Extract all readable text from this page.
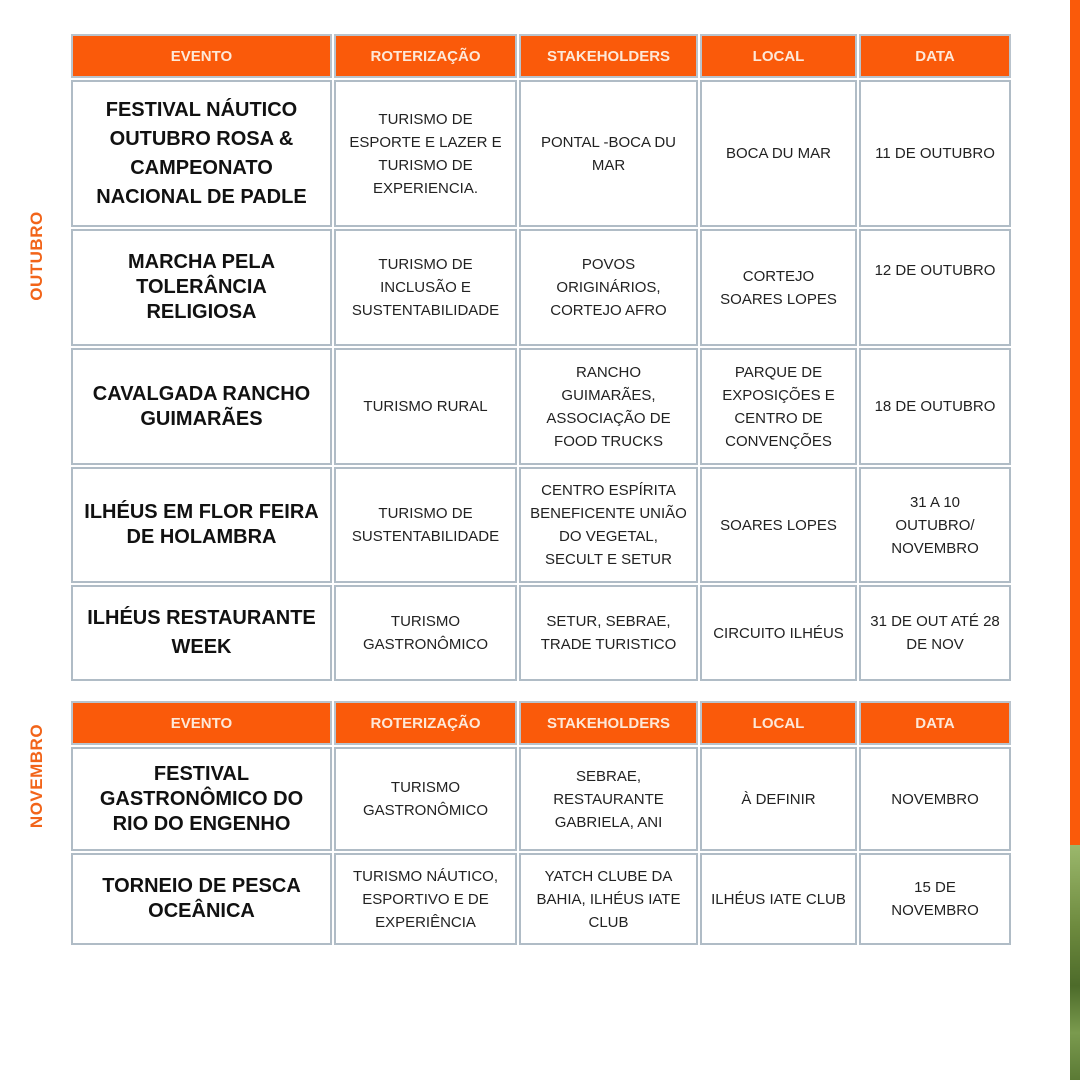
OUTUBRO
NOVEMBRO
EVENTO	ROTERIZAÇÃO	STAKEHOLDERS	LOCAL	DATA
FESTIVAL NÁUTICO OUTUBRO ROSA & CAMPEONATO NACIONAL DE PADLE	TURISMO DE ESPORTE E LAZER E TURISMO DE EXPERIENCIA.	PONTAL -BOCA DU MAR	BOCA DU MAR	11 DE OUTUBRO
MARCHA PELA TOLERÂNCIA RELIGIOSA	TURISMO DE INCLUSÃO E SUSTENTABILIDADE	POVOS ORIGINÁRIOS, CORTEJO AFRO	CORTEJO SOARES LOPES	12 DE OUTUBRO
CAVALGADA RANCHO GUIMARÃES	TURISMO RURAL	RANCHO GUIMARÃES, ASSOCIAÇÃO DE FOOD TRUCKS	PARQUE DE EXPOSIÇÕES E CENTRO DE CONVENÇÕES	18 DE OUTUBRO
ILHÉUS EM FLOR FEIRA DE HOLAMBRA	TURISMO DE SUSTENTABILIDADE	CENTRO ESPÍRITA BENEFICENTE UNIÃO DO VEGETAL, SECULT E SETUR	SOARES LOPES	31 A 10 OUTUBRO/ NOVEMBRO
ILHÉUS RESTAURANTE WEEK	TURISMO GASTRONÔMICO	SETUR, SEBRAE, TRADE TURISTICO	CIRCUITO ILHÉUS	31 DE OUT ATÉ 28 DE NOV
EVENTO	ROTERIZAÇÃO	STAKEHOLDERS	LOCAL	DATA
FESTIVAL GASTRONÔMICO DO RIO DO ENGENHO	TURISMO GASTRONÔMICO	SEBRAE, RESTAURANTE GABRIELA, ANI	À DEFINIR	NOVEMBRO
TORNEIO DE PESCA OCEÂNICA	TURISMO NÁUTICO, ESPORTIVO E DE EXPERIÊNCIA	YATCH CLUBE DA BAHIA, ILHÉUS IATE CLUB	ILHÉUS IATE CLUB	15 DE NOVEMBRO
